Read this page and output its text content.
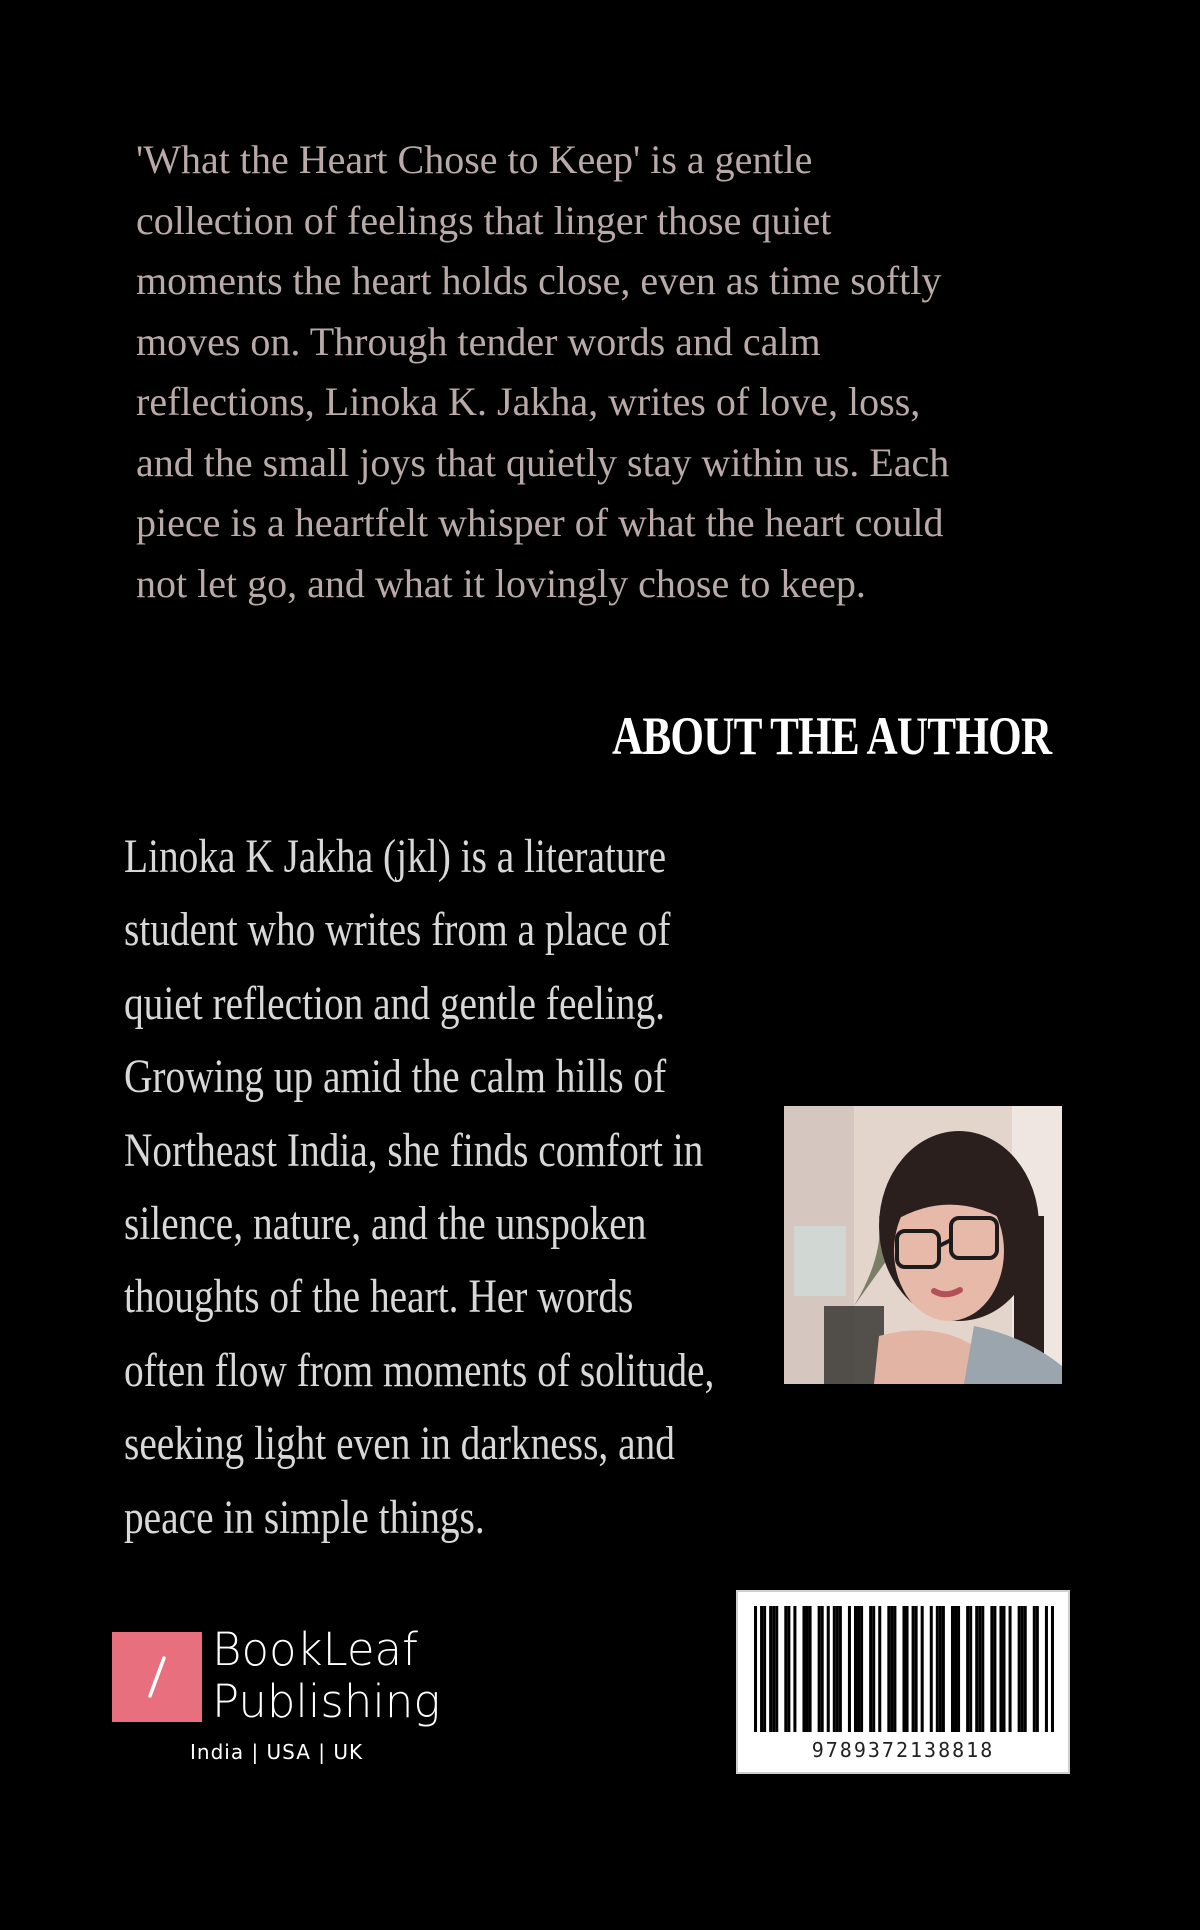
'What the Heart Chose to Keep' is a gentle collection of feelings that linger those quiet moments the heart holds close, even as time softly moves on. Through tender words and calm reflections, Linoka K. Jakha, writes of love, loss, and the small joys that quietly stay within us. Each piece is a heartfelt whisper of what the heart could not let go, and what it lovingly chose to keep.

ABOUT THE AUTHOR

Linoka K Jakha (jkl) is a literature student who writes from a place of quiet reflection and gentle feeling. Growing up amid the calm hills of Northeast India, she finds comfort in silence, nature, and the unspoken thoughts of the heart. Her words often flow from moments of solitude, seeking light even in darkness, and peace in simple things.

BookLeaf
Publishing
India | USA | UK	9789372138818
